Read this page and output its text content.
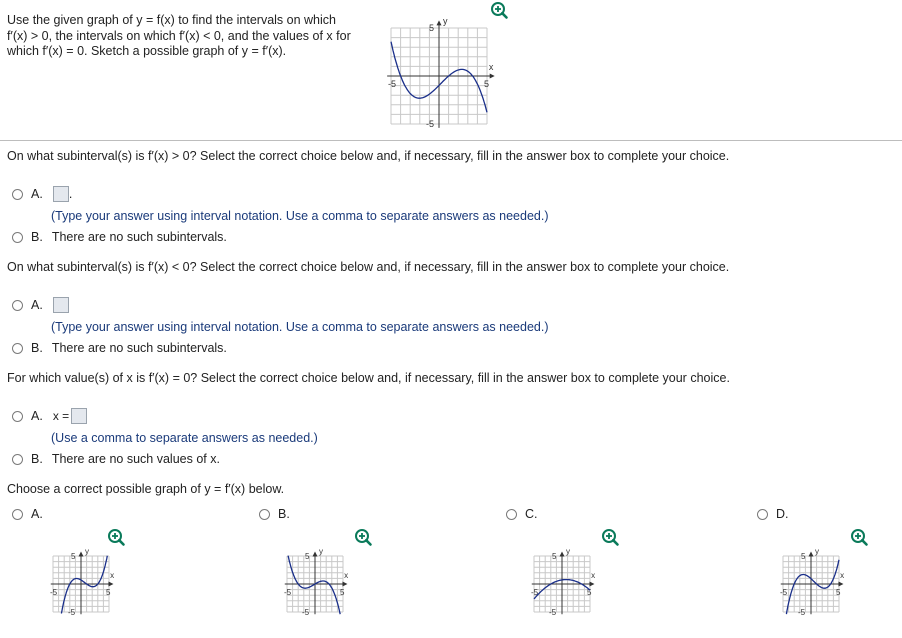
Use the given graph of y = f(x) to find the intervals on which
f′(x) > 0, the intervals on which f′(x) < 0, and the values of x for
which f′(x) = 0. Sketch a possible graph of y = f′(x).
y
x
5
-5
5
-5
On what subinterval(s) is f′(x) > 0? Select the correct choice below and, if necessary, fill in the answer box to complete your choice.
A. .
(Type your answer using interval notation. Use a comma to separate answers as needed.)
B. There are no such subintervals.
On what subinterval(s) is f′(x) < 0? Select the correct choice below and, if necessary, fill in the answer box to complete your choice.
A.
(Type your answer using interval notation. Use a comma to separate answers as needed.)
B. There are no such subintervals.
For which value(s) of x is f′(x) = 0? Select the correct choice below and, if necessary, fill in the answer box to complete your choice.
A. x =
(Use a comma to separate answers as needed.)
B. There are no such values of x.
Choose a correct possible graph of y = f′(x) below.
A.	B.	C.	D.
y
x
5
-5
5
-5
y
x
5
-5
5
-5
y
x
5
-5
5
-5
y
x
5
-5
5
-5
